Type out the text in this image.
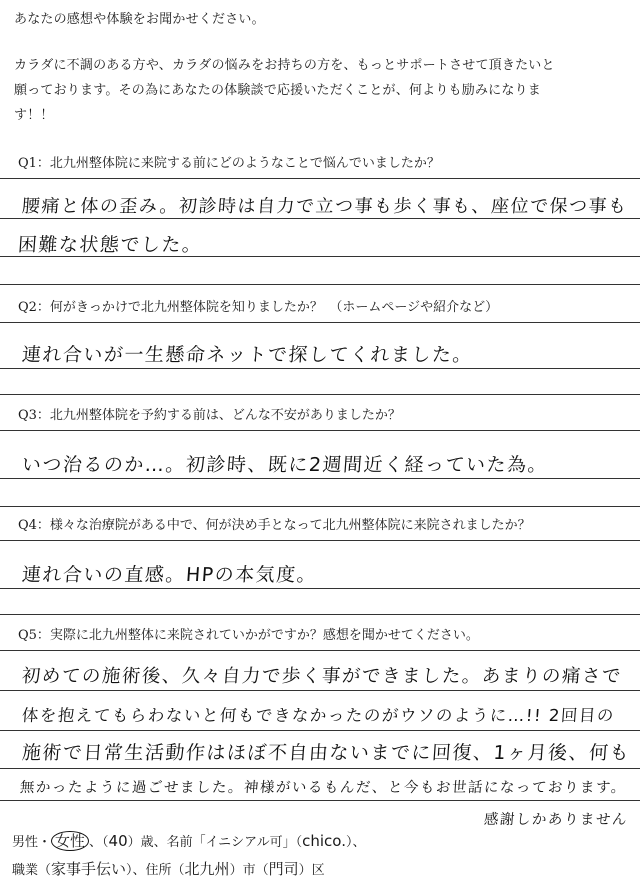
あなたの感想や体験をお聞かせください。
カラダに不調のある方や、カラダの悩みをお持ちの方を、もっとサポートさせて頂きたいと
願っております。その為にあなたの体験談で応援いただくことが、何よりも励みになりま
す！！
Q1：北九州整体院に来院する前にどのようなことで悩んでいましたか？
腰痛と体の歪み。初診時は自力で立つ事も歩く事も、座位で保つ事も
困難な状態でした。
Q2：何がきっかけで北九州整体院を知りましたか？　（ホームページや紹介など）
連れ合いが一生懸命ネットで探してくれました。
Q3：北九州整体院を予約する前は、どんな不安がありましたか？
いつ治るのか…。初診時、既に2週間近く経っていた為。
Q4：様々な治療院がある中で、何が決め手となって北九州整体院に来院されましたか？
連れ合いの直感。HPの本気度。
Q5：実際に北九州整体に来院されていかがですか？感想を聞かせてください。
初めての施術後、久々自力で歩く事ができました。あまりの痛さで
体を抱えてもらわないと何もできなかったのがウソのように…!! 2回目の
施術で日常生活動作はほぼ不自由ないまでに回復、1ヶ月後、何も
無かったように過ごせました。神様がいるもんだ、と今もお世話になっております。
感謝しかありません
男性・ 女性 、（40）歳、名前「イニシアル可」（chico.）、
職業（家事手伝い）、住所（北九州）市（門司）区
